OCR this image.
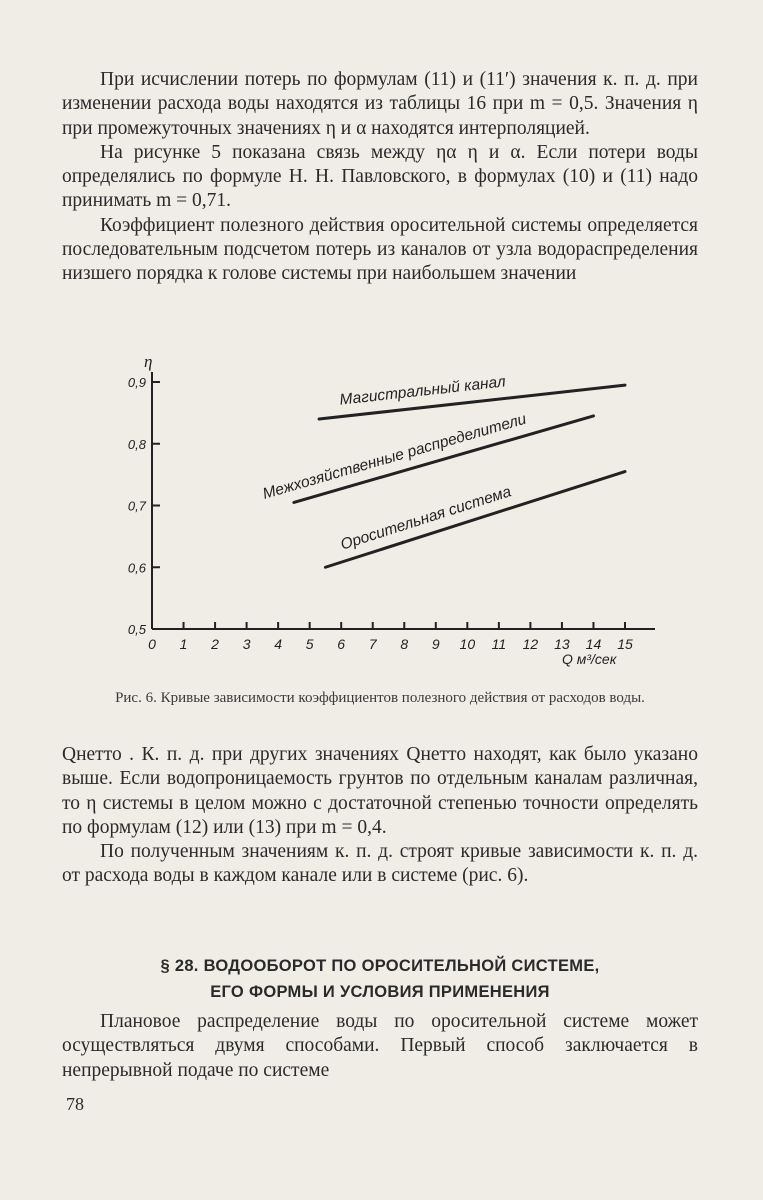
При исчислении потерь по формулам (11) и (11′) значения к. п. д. при изменении расхода воды находятся из таблицы 16 при m = 0,5. Значения η при промежуточных значениях η и α находятся интерполяцией.

На рисунке 5 показана связь между ηα η и α. Если потери воды определялись по формуле Н. Н. Павловского, в формулах (10) и (11) надо принимать m = 0,71.

Коэффициент полезного действия оросительной системы определяется последовательным подсчетом потерь из каналов от узла водораспределения низшего порядка к голове системы при наибольшем значении

0,5
0,6
0,7
0,8
0,9
0 1 2 3 4 5 6 7 8 9 10 11 12 13 14 15
η
Q м³/сек
Магистральный канал
Межхозяйственные распределители
Оросительная система
Рис. 6. Кривые зависимости коэффициентов полезного действия от расходов воды.

Qнетто . К. п. д. при других значениях Qнетто находят, как было указано выше. Если водопроницаемость грунтов по отдельным каналам различная, то η системы в целом можно с достаточной степенью точности определять по формулам (12) или (13) при m = 0,4.

По полученным значениям к. п. д. строят кривые зависимости к. п. д. от расхода воды в каждом канале или в системе (рис. 6).

§ 28. ВОДООБОРОТ ПО ОРОСИТЕЛЬНОЙ СИСТЕМЕ,
ЕГО ФОРМЫ И УСЛОВИЯ ПРИМЕНЕНИЯ

Плановое распределение воды по оросительной системе может осуществляться двумя способами. Первый способ заключается в непрерывной подаче по системе

78
